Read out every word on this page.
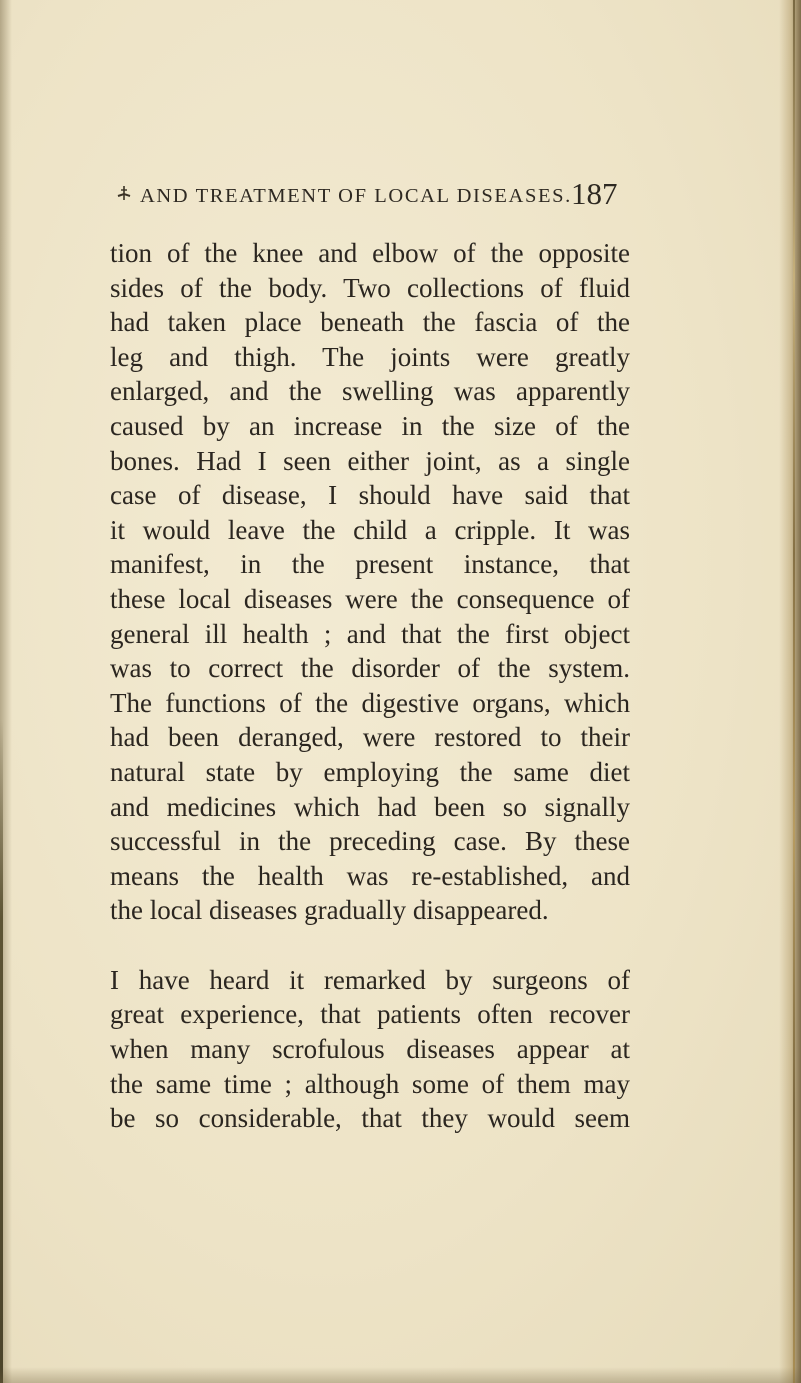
AND TREATMENT OF LOCAL DISEASES. 187
tion of the knee and elbow of the opposite
sides of the body. Two collections of fluid
had taken place beneath the fascia of the
leg and thigh. The joints were greatly
enlarged, and the swelling was apparently
caused by an increase in the size of the
bones. Had I seen either joint, as a single
case of disease, I should have said that
it would leave the child a cripple. It was
manifest, in the present instance, that
these local diseases were the consequence of
general ill health ; and that the first object
was to correct the disorder of the system.
The functions of the digestive organs, which
had been deranged, were restored to their
natural state by employing the same diet
and medicines which had been so signally
successful in the preceding case. By these
means the health was re-established, and
the local diseases gradually disappeared.
I have heard it remarked by surgeons of
great experience, that patients often recover
when many scrofulous diseases appear at
the same time ; although some of them may
be so considerable, that they would seem
